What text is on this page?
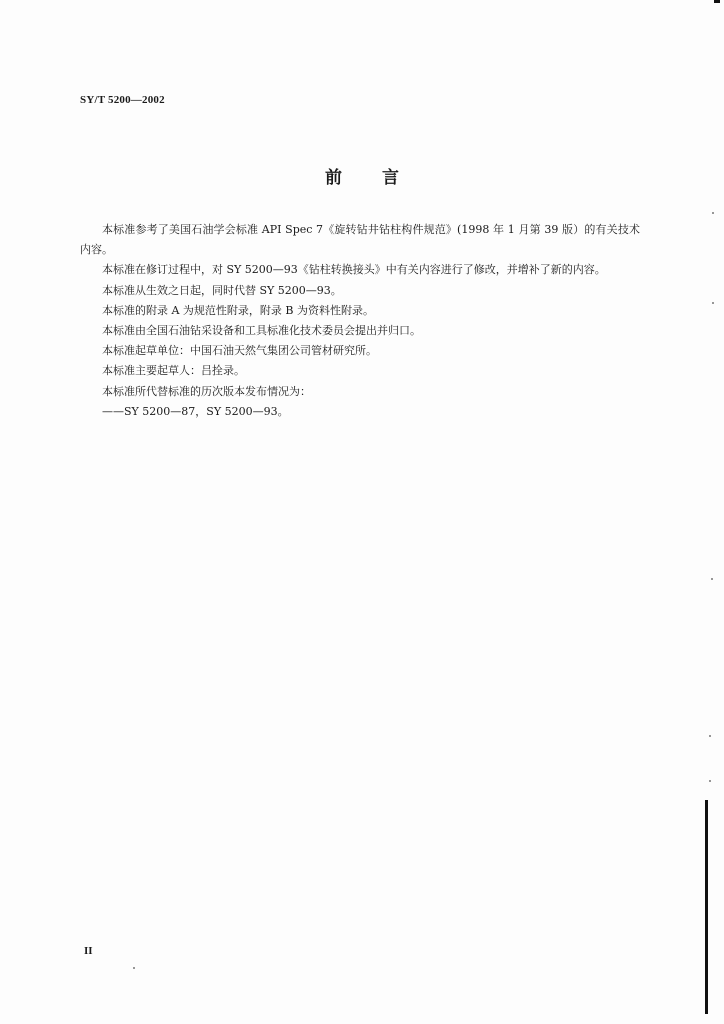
SY/T 5200—2002
前 言

本标准参考了美国石油学会标准 API Spec 7《旋转钻井钻柱构件规范》(1998 年 1 月第 39 版）的有关技术内容。

本标准在修订过程中，对 SY 5200—93《钻柱转换接头》中有关内容进行了修改，并增补了新的内容。

本标准从生效之日起，同时代替 SY 5200—93。

本标准的附录 A 为规范性附录，附录 B 为资料性附录。

本标准由全国石油钻采设备和工具标准化技术委员会提出并归口。

本标准起草单位：中国石油天然气集团公司管材研究所。

本标准主要起草人：吕拴录。

本标准所代替标准的历次版本发布情况为：

——SY 5200—87，SY 5200—93。

II
